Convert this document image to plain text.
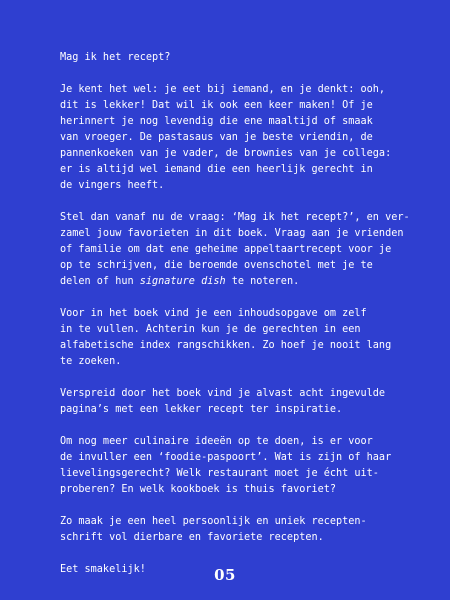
Mag ik het recept?
Je kent het wel: je eet bij iemand, en je denkt: ooh,
dit is lekker! Dat wil ik ook een keer maken! Of je
herinnert je nog levendig die ene maaltijd of smaak
van vroeger. De pastasaus van je beste vriendin, de
pannenkoeken van je vader, de brownies van je collega:
er is altijd wel iemand die een heerlijk gerecht in
de vingers heeft.
Stel dan vanaf nu de vraag: ‘Mag ik het recept?’, en ver-
zamel jouw favorieten in dit boek. Vraag aan je vrienden
of familie om dat ene geheime appeltaartrecept voor je
op te schrijven, die beroemde ovenschotel met je te
delen of hun signature dish te noteren.
Voor in het boek vind je een inhoudsopgave om zelf
in te vullen. Achterin kun je de gerechten in een
alfabetische index rangschikken. Zo hoef je nooit lang
te zoeken.
Verspreid door het boek vind je alvast acht ingevulde
pagina’s met een lekker recept ter inspiratie.
Om nog meer culinaire ideeën op te doen, is er voor
de invuller een ‘foodie-paspoort’. Wat is zijn of haar
lievelingsgerecht? Welk restaurant moet je écht uit-
proberen? En welk kookboek is thuis favoriet?
Zo maak je een heel persoonlijk en uniek recepten-
schrift vol dierbare en favoriete recepten.
Eet smakelijk!	05
